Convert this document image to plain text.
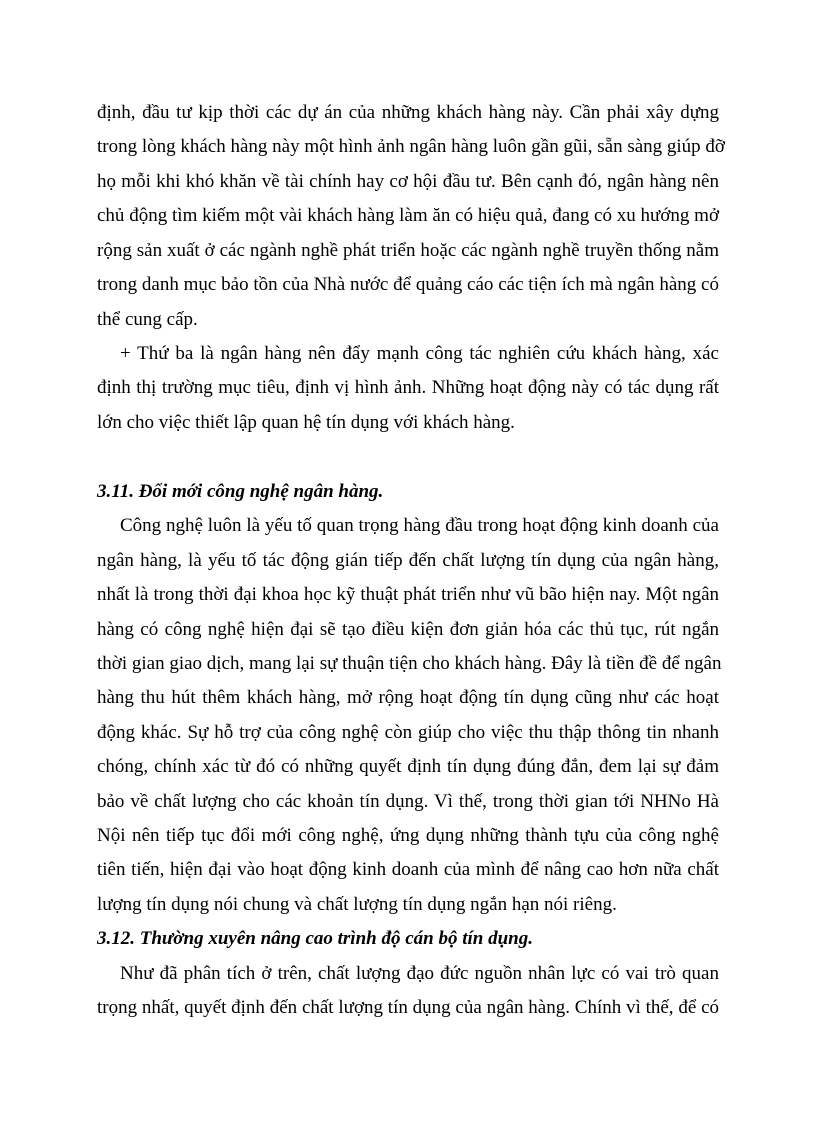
định, đầu tư kịp thời các dự án của những khách hàng này. Cần phải xây dựng
trong lòng khách hàng này một hình ảnh ngân hàng luôn gần gũi, sẵn sàng giúp đỡ
họ mỗi khi khó khăn về tài chính hay cơ hội đầu tư. Bên cạnh đó, ngân hàng nên
chủ động tìm kiếm một vài khách hàng làm ăn có hiệu quả, đang có xu hướng mở
rộng sản xuất ở các ngành nghề phát triển hoặc các ngành nghề truyền thống nằm
trong danh mục bảo tồn của Nhà nước để quảng cáo các tiện ích mà ngân hàng có
thể cung cấp.
+ Thứ ba là ngân hàng nên đẩy mạnh công tác nghiên cứu khách hàng, xác
định thị trường mục tiêu, định vị hình ảnh. Những hoạt động này có tác dụng rất
lớn cho việc thiết lập quan hệ tín dụng với khách hàng.
3.11. Đổi mới công nghệ ngân hàng.
Công nghệ luôn là yếu tố quan trọng hàng đầu trong hoạt động kinh doanh của
ngân hàng, là yếu tố tác động gián tiếp đến chất lượng tín dụng của ngân hàng,
nhất là trong thời đại khoa học kỹ thuật phát triển như vũ bão hiện nay. Một ngân
hàng có công nghệ hiện đại sẽ tạo điều kiện đơn giản hóa các thủ tục, rút ngắn
thời gian giao dịch, mang lại sự thuận tiện cho khách hàng. Đây là tiền đề để ngân
hàng thu hút thêm khách hàng, mở rộng hoạt động tín dụng cũng như các hoạt
động khác. Sự hỗ trợ của công nghệ còn giúp cho việc thu thập thông tin nhanh
chóng, chính xác từ đó có những quyết định tín dụng đúng đắn, đem lại sự đảm
bảo về chất lượng cho các khoản tín dụng. Vì thế, trong thời gian tới NHNo Hà
Nội nên tiếp tục đổi mới công nghệ, ứng dụng những thành tựu của công nghệ
tiên tiến, hiện đại vào hoạt động kinh doanh của mình để nâng cao hơn nữa chất
lượng tín dụng nói chung và chất lượng tín dụng ngắn hạn nói riêng.
3.12. Thường xuyên nâng cao trình độ cán bộ tín dụng.
Như đã phân tích ở trên, chất lượng đạo đức nguồn nhân lực có vai trò quan
trọng nhất, quyết định đến chất lượng tín dụng của ngân hàng. Chính vì thế, để có
